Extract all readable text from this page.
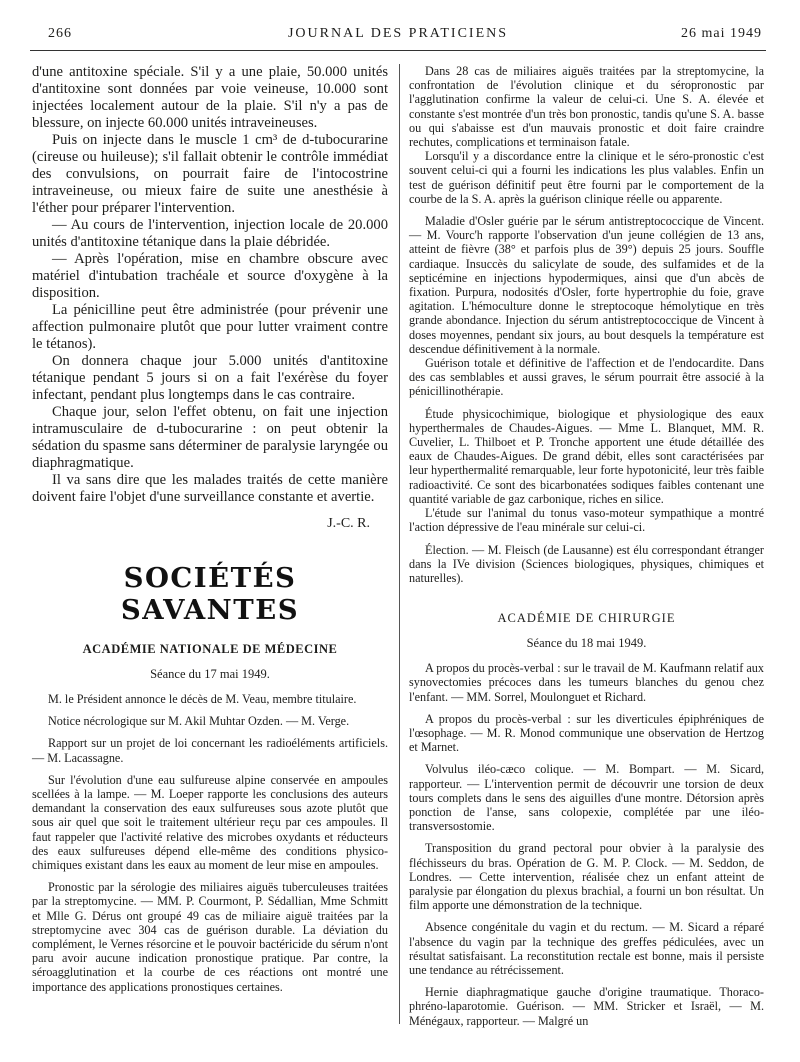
266	JOURNAL DES PRATICIENS	26 mai 1949

d'une antitoxine spéciale. S'il y a une plaie, 50.000 unités d'antitoxine sont données par voie veineuse, 10.000 sont injectées localement autour de la plaie. S'il n'y a pas de blessure, on injecte 60.000 unités intraveineuses.

Puis on injecte dans le muscle 1 cm³ de d-tubocurarine (cireuse ou huileuse); s'il fallait obtenir le contrôle immédiat des convulsions, on pourrait faire de l'intocostrine intraveineuse, ou mieux faire de suite une anesthésie à l'éther pour préparer l'intervention.

— Au cours de l'intervention, injection locale de 20.000 unités d'antitoxine tétanique dans la plaie débridée.

— Après l'opération, mise en chambre obscure avec matériel d'intubation trachéale et source d'oxygène à la disposition.

La pénicilline peut être administrée (pour prévenir une affection pulmonaire plutôt que pour lutter vraiment contre le tétanos).

On donnera chaque jour 5.000 unités d'antitoxine tétanique pendant 5 jours si on a fait l'exérèse du foyer infectant, pendant plus longtemps dans le cas contraire.

Chaque jour, selon l'effet obtenu, on fait une injection intramusculaire de d-tubocurarine : on peut obtenir la sédation du spasme sans déterminer de paralysie laryngée ou diaphragmatique.

Il va sans dire que les malades traités de cette manière doivent faire l'objet d'une surveillance constante et avertie.

J.-C. R.
SOCIÉTÉS SAVANTES
ACADÉMIE NATIONALE DE MÉDECINE
Séance du 17 mai 1949.

M. le Président annonce le décès de M. Veau, membre titulaire.

Notice nécrologique sur M. Akil Muhtar Ozden. — M. Verge.

Rapport sur un projet de loi concernant les radioéléments artificiels. — M. Lacassagne.

Sur l'évolution d'une eau sulfureuse alpine conservée en ampoules scellées à la lampe. — M. Loeper rapporte les conclusions des auteurs demandant la conservation des eaux sulfureuses sous azote plutôt que sous air quel que soit le traitement ultérieur reçu par ces ampoules. Il faut rappeler que l'activité relative des microbes oxydants et réducteurs des eaux sulfureuses dépend elle-même des conditions physico-chimiques existant dans les eaux au moment de leur mise en ampoules.

Pronostic par la sérologie des miliaires aiguës tuberculeuses traitées par la streptomycine. — MM. P. Courmont, P. Sédallian, Mme Schmitt et Mlle G. Dérus ont groupé 49 cas de miliaire aiguë traitées par la streptomycine avec 304 cas de guérison durable. La déviation du complément, le Vernes résorcine et le pouvoir bactéricide du sérum n'ont paru avoir aucune indication pronostique pratique. Par contre, la séroagglutination et la courbe de ces réactions ont montré une importance des applications pronostiques certaines.

Dans 28 cas de miliaires aiguës traitées par la streptomycine, la confrontation de l'évolution clinique et du séropronostic par l'agglutination confirme la valeur de celui-ci. Une S. A. élevée et constante s'est montrée d'un très bon pronostic, tandis qu'une S. A. basse ou qui s'abaisse est d'un mauvais pronostic et doit faire craindre rechutes, complications et terminaison fatale.

Lorsqu'il y a discordance entre la clinique et le séro-pronostic c'est souvent celui-ci qui a fourni les indications les plus valables. Enfin un test de guérison définitif peut être fourni par le comportement de la courbe de la S. A. après la guérison clinique réelle ou apparente.

Maladie d'Osler guérie par le sérum antistreptococcique de Vincent. — M. Vourc'h rapporte l'observation d'un jeune collégien de 13 ans, atteint de fièvre (38° et parfois plus de 39°) depuis 25 jours. Souffle cardiaque. Insuccès du salicylate de soude, des sulfamides et de la septicémine en injections hypodermiques, ainsi que d'un abcès de fixation. Purpura, nodosités d'Osler, forte hypertrophie du foie, grave agitation. L'hémoculture donne le streptocoque hémolytique en très grande abondance. Injection du sérum antistreptococcique de Vincent à doses moyennes, pendant six jours, au bout desquels la température est descendue définitivement à la normale.

Guérison totale et définitive de l'affection et de l'endocardite. Dans des cas semblables et aussi graves, le sérum pourrait être associé à la pénicillinothérapie.

Étude physicochimique, biologique et physiologique des eaux hyperthermales de Chaudes-Aigues. — Mme L. Blanquet, MM. R. Cuvelier, L. Thilboet et P. Tronche apportent une étude détaillée des eaux de Chaudes-Aigues. De grand débit, elles sont caractérisées par leur hyperthermalité remarquable, leur forte hypotonicité, leur très faible radioactivité. Ce sont des bicarbonatées sodiques faibles contenant une quantité variable de gaz carbonique, riches en silice.

L'étude sur l'animal du tonus vaso-moteur sympathique a montré l'action dépressive de l'eau minérale sur celui-ci.

Élection. — M. Fleisch (de Lausanne) est élu correspondant étranger dans la IVe division (Sciences biologiques, physiques, chimiques et naturelles).

ACADÉMIE DE CHIRURGIE
Séance du 18 mai 1949.

A propos du procès-verbal : sur le travail de M. Kaufmann relatif aux synovectomies précoces dans les tumeurs blanches du genou chez l'enfant. — MM. Sorrel, Moulonguet et Richard.

A propos du procès-verbal : sur les diverticules épiphréniques de l'œsophage. — M. R. Monod communique une observation de Hertzog et Marnet.

Volvulus iléo-cæco colique. — M. Bompart. — M. Sicard, rapporteur. — L'intervention permit de découvrir une torsion de deux tours complets dans le sens des aiguilles d'une montre. Détorsion après ponction de l'anse, sans colopexie, complétée par une iléo-transversostomie.

Transposition du grand pectoral pour obvier à la paralysie des fléchisseurs du bras. Opération de G. M. P. Clock. — M. Seddon, de Londres. — Cette intervention, réalisée chez un enfant atteint de paralysie par élongation du plexus brachial, a fourni un bon résultat. Un film apporte une démonstration de la technique.

Absence congénitale du vagin et du rectum. — M. Sicard a réparé l'absence du vagin par la technique des greffes pédiculées, avec un résultat satisfaisant. La reconstitution rectale est bonne, mais il persiste une tendance au rétrécissement.

Hernie diaphragmatique gauche d'origine traumatique. Thoraco-phréno-laparotomie. Guérison. — MM. Stricker et Israël, — M. Ménégaux, rapporteur. — Malgré un
